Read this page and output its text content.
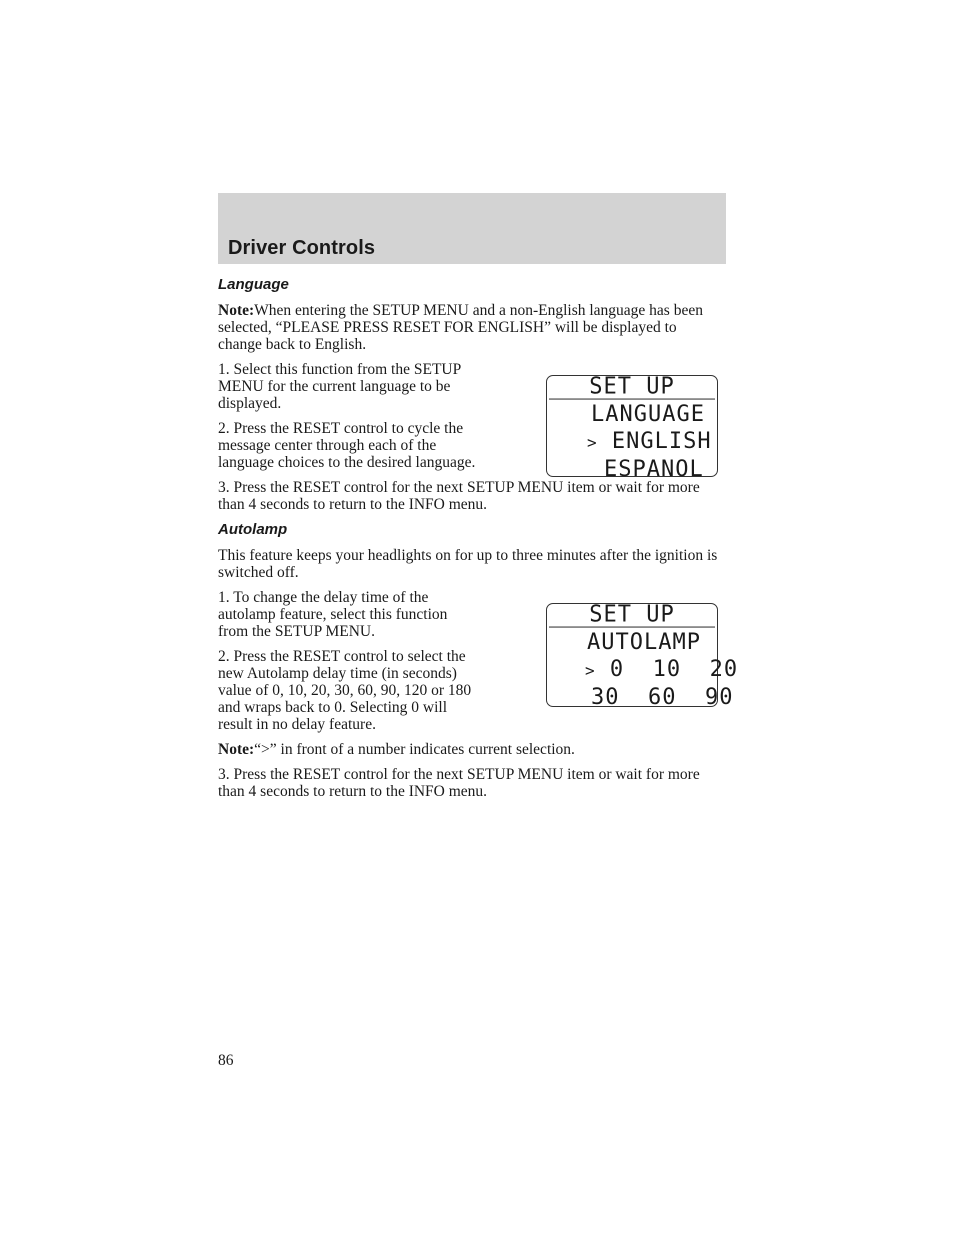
Driver Controls
Language

Note:When entering the SETUP MENU and a non-English language has been selected, “PLEASE PRESS RESET FOR ENGLISH” will be displayed to change back to English.

SET UP
LANGUAGE
> ENGLISH
ESPANOL

1. Select this function from the SETUP MENU for the current language to be displayed.

2. Press the RESET control to cycle the message center through each of the language choices to the desired language.

3. Press the RESET control for the next SETUP MENU item or wait for more than 4 seconds to return to the INFO menu.

Autolamp

This feature keeps your headlights on for up to three minutes after the ignition is switched off.

SET UP
AUTOLAMP
> 0  10  20
30  60  90

1. To change the delay time of the autolamp feature, select this function from the SETUP MENU.

2. Press the RESET control to select the new Autolamp delay time (in seconds) value of 0, 10, 20, 30, 60, 90, 120 or 180 and wraps back to 0. Selecting 0 will result in no delay feature.

Note:“>” in front of a number indicates current selection.

3. Press the RESET control for the next SETUP MENU item or wait for more than 4 seconds to return to the INFO menu.

86
